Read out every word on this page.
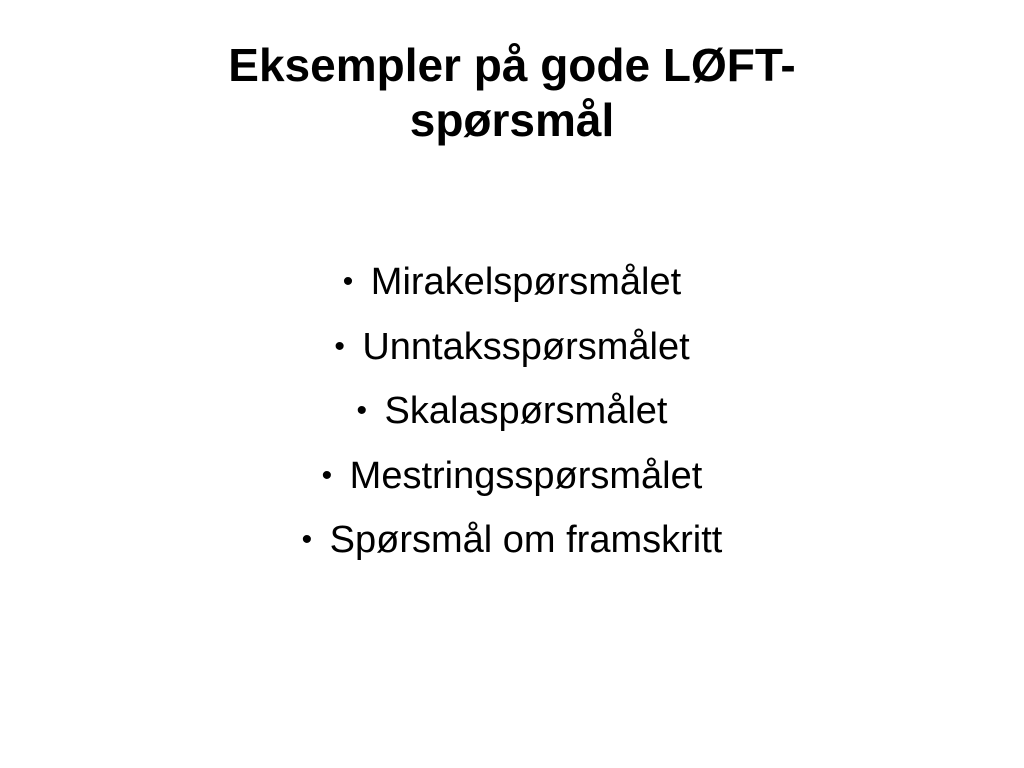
Eksempler på gode LØFT-
spørsmål
• Mirakelspørsmålet
• Unntaksspørsmålet
• Skalaspørsmålet
• Mestringsspørsmålet
• Spørsmål om framskritt
